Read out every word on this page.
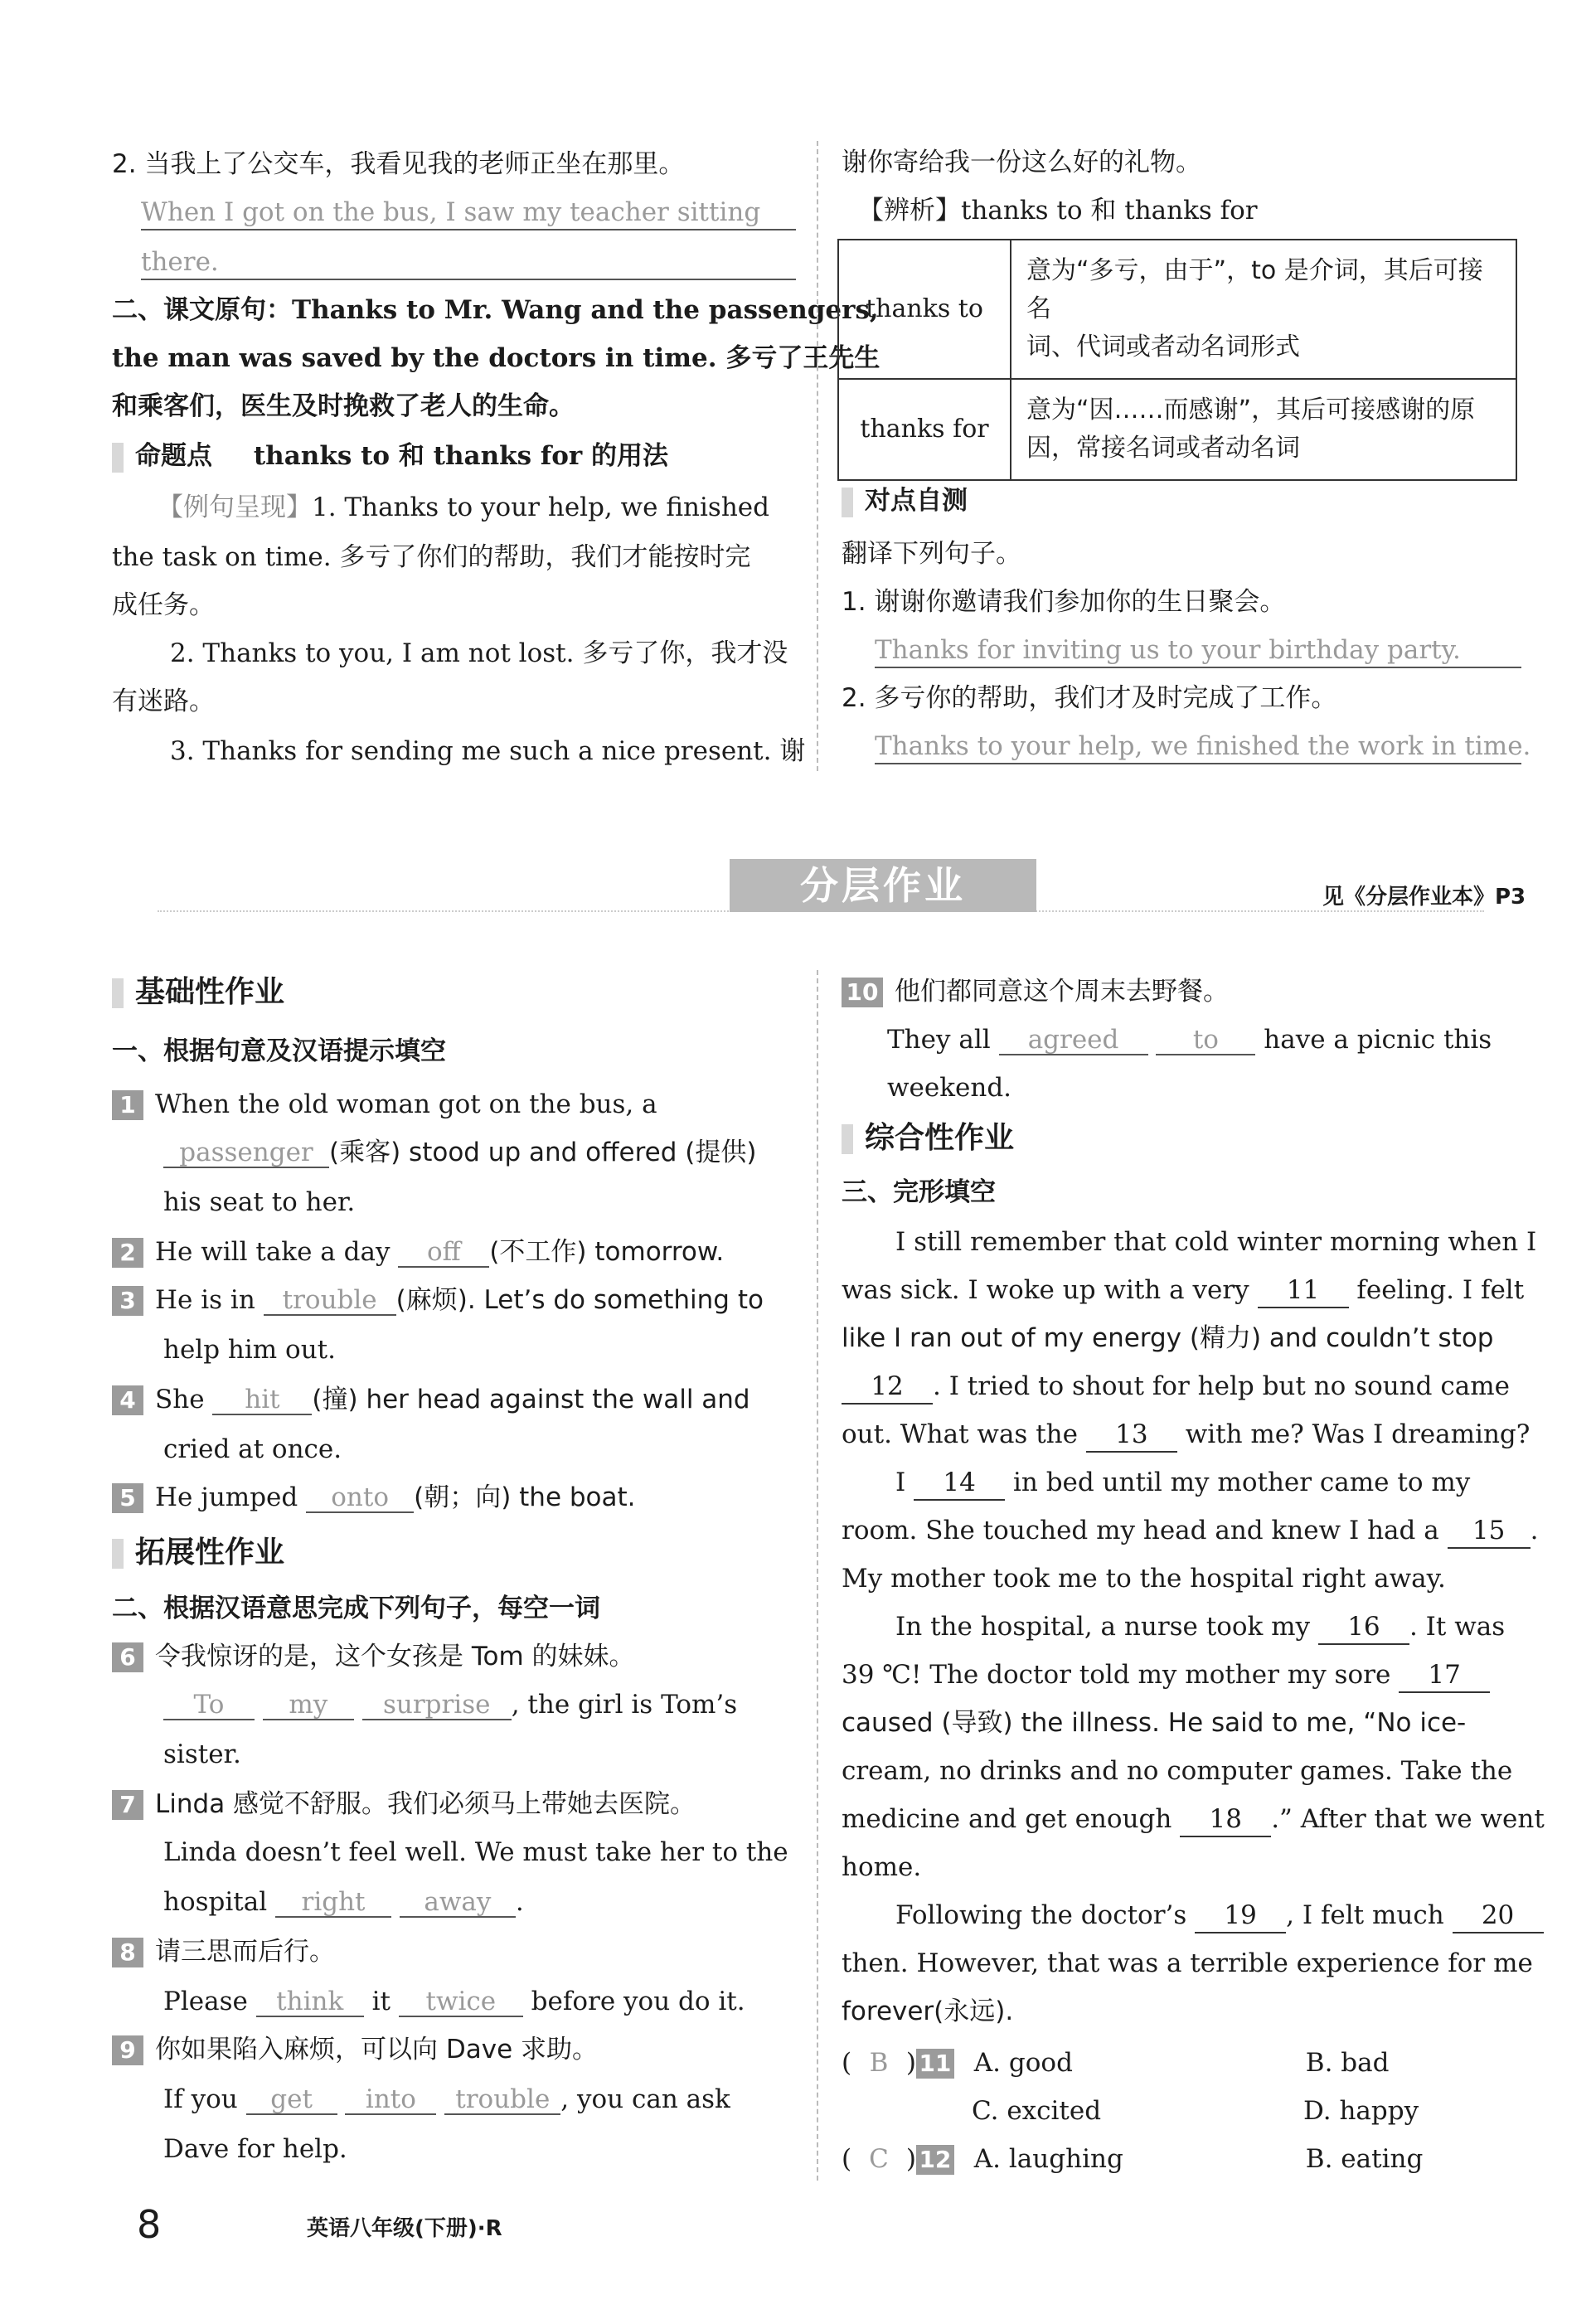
2. 当我上了公交车，我看见我的老师正坐在那里。
When I got on the bus, I saw my teacher sitting
there.
二、课文原句：Thanks to Mr. Wang and the passengers,
the man was saved by the doctors in time. 多亏了王先生
和乘客们，医生及时挽救了老人的生命。
命题点 thanks to 和 thanks for 的用法
【例句呈现】1. Thanks to your help, we finished
the task on time. 多亏了你们的帮助，我们才能按时完
成任务。
2. Thanks to you, I am not lost. 多亏了你，我才没
有迷路。
3. Thanks for sending me such a nice present. 谢
谢你寄给我一份这么好的礼物。
【辨析】thanks to 和 thanks for
thanks to	意为“多亏，由于”，to 是介词，其后可接名
词、代词或者动名词形式
thanks for	意为“因……而感谢”，其后可接感谢的原
因，常接名词或者动名词
对点自测
翻译下列句子。
1. 谢谢你邀请我们参加你的生日聚会。
Thanks for inviting us to your birthday party.
2. 多亏你的帮助，我们才及时完成了工作。
Thanks to your help, we finished the work in time.
分层作业	见《分层作业本》P3
基础性作业
一、根据句意及汉语提示填空
1 When the old woman got on the bus, a
passenger (乘客) stood up and offered (提供)
his seat to her.
2 He will take a day off (不工作) tomorrow.
3 He is in trouble (麻烦). Let’s do something to
help him out.
4 She hit (撞) her head against the wall and
cried at once.
5 He jumped onto (朝；向) the boat.
拓展性作业
二、根据汉语意思完成下列句子，每空一词
6 令我惊讶的是，这个女孩是 Tom 的妹妹。
To	my surprise , the girl is Tom’s
sister.
7 Linda 感觉不舒服。我们必须马上带她去医院。
Linda doesn’t feel well. We must take her to the
hospital right away .
8 请三思而后行。
Please think it twice before you do it.
9 你如果陷入麻烦，可以向 Dave 求助。
If you get into trouble , you can ask
Dave for help.
10 他们都同意这个周末去野餐。
They all agreed	to have a picnic this
weekend.
综合性作业
三、完形填空
I still remember that cold winter morning when I
was sick. I woke up with a very 11 feeling. I felt
like I ran out of my energy (精力) and couldn’t stop
12 . I tried to shout for help but no sound came
out. What was the 13 with me? Was I dreaming?
I 14 in bed until my mother came to my
room. She touched my head and knew I had a 15 .
My mother took me to the hospital right away.
In the hospital, a nurse took my 16 . It was
39 ℃! The doctor told my mother my sore 17
caused (导致) the illness. He said to me, “No ice-
cream, no drinks and no computer games. Take the
medicine and get enough 18 .” After that we went
home.
Following the doctor’s 19 , I felt much 20
then. However, that was a terrible experience for me
forever(永远).
( B ) 11 A. good	B. bad
C. excited	D. happy
( C ) 12 A. laughing	B. eating
8	英语八年级(下册)·R
